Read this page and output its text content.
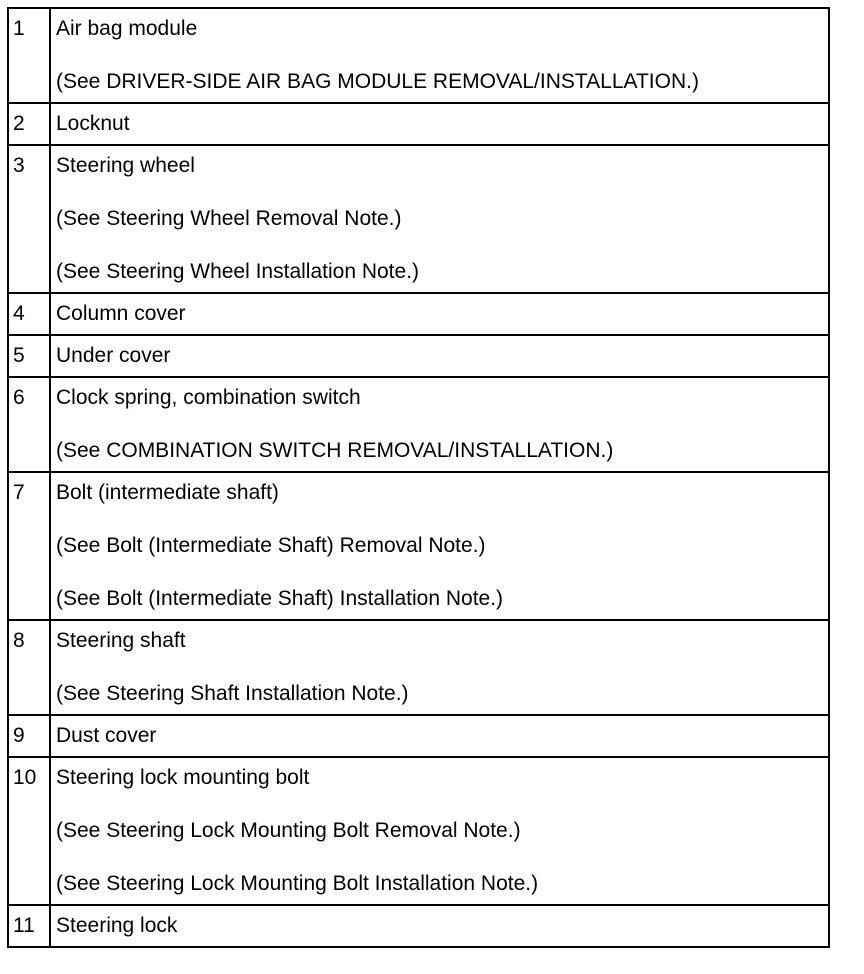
1	Air bag module
(See DRIVER-SIDE AIR BAG MODULE REMOVAL/INSTALLATION.)

2	Locknut

3	Steering wheel
(See Steering Wheel Removal Note.)
(See Steering Wheel Installation Note.)

4	Column cover

5	Under cover

6	Clock spring, combination switch
(See COMBINATION SWITCH REMOVAL/INSTALLATION.)

7	Bolt (intermediate shaft)
(See Bolt (Intermediate Shaft) Removal Note.)
(See Bolt (Intermediate Shaft) Installation Note.)

8	Steering shaft
(See Steering Shaft Installation Note.)

9	Dust cover

10	Steering lock mounting bolt
(See Steering Lock Mounting Bolt Removal Note.)
(See Steering Lock Mounting Bolt Installation Note.)

11	Steering lock
